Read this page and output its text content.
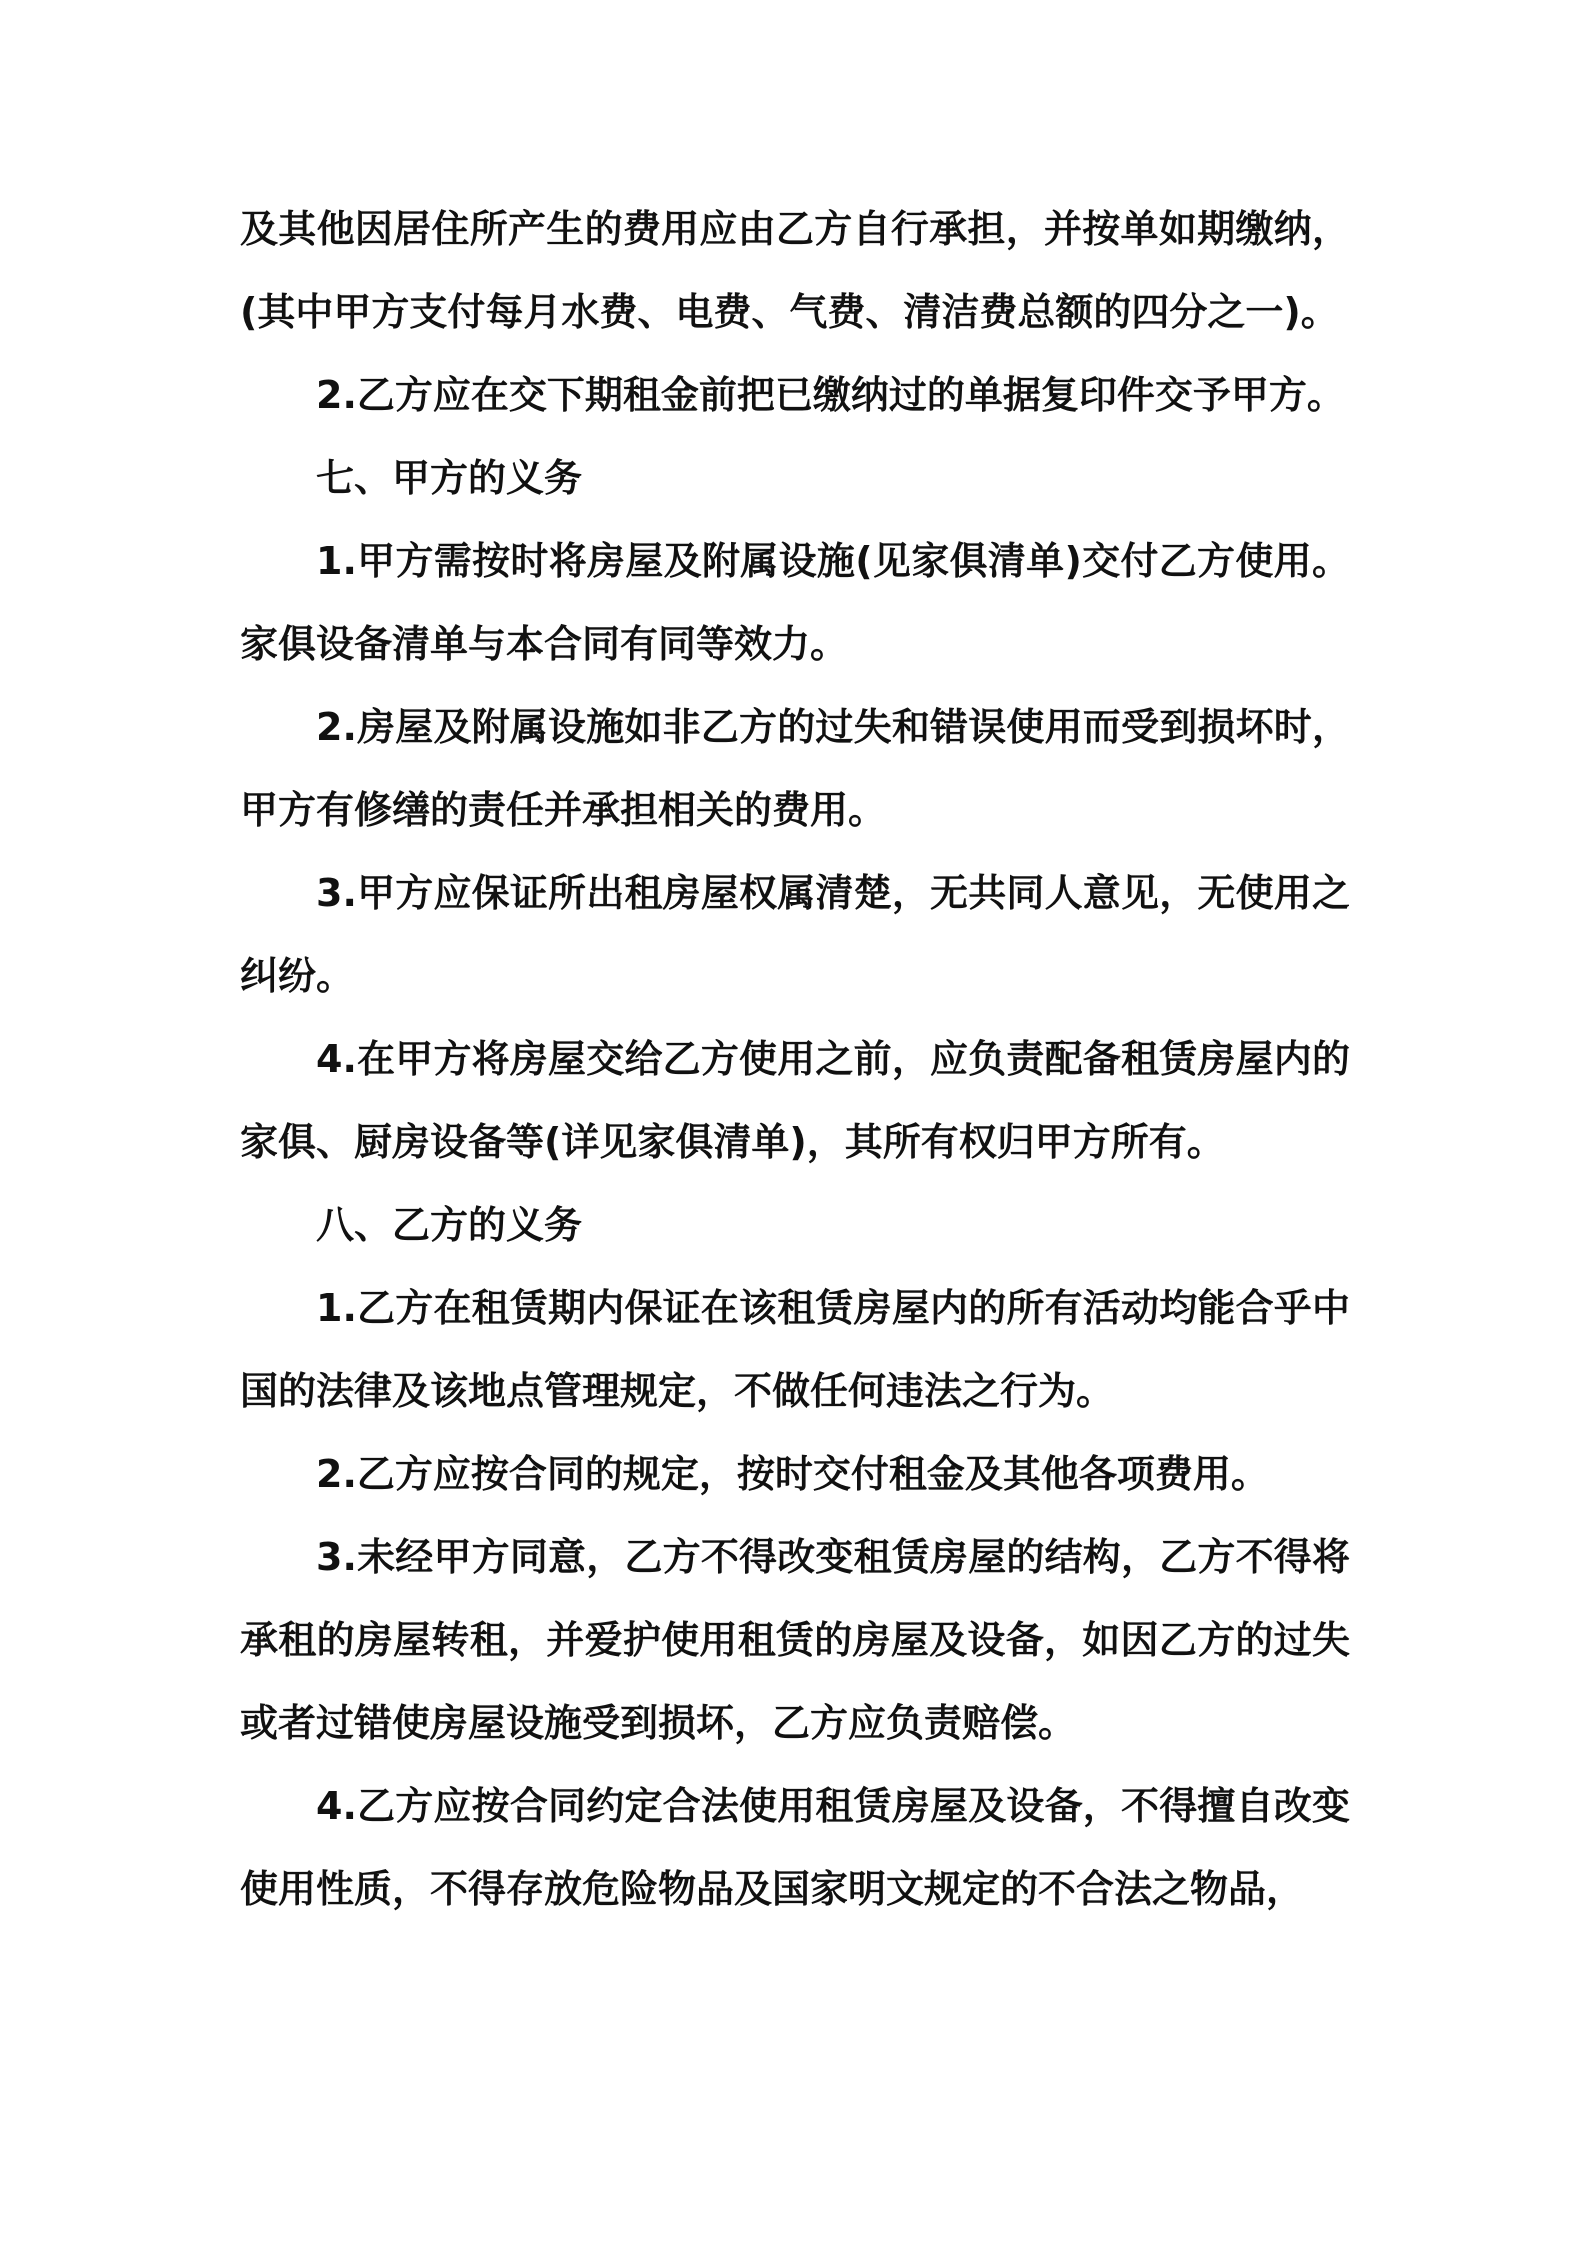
及其他因居住所产生的费用应由乙方自行承担，并按单如期缴纳，(其中甲方支付每月水费、电费、气费、清洁费总额的四分之一)。

2.乙方应在交下期租金前把已缴纳过的单据复印件交予甲方。

七、甲方的义务

1.甲方需按时将房屋及附属设施(见家俱清单)交付乙方使用。家俱设备清单与本合同有同等效力。

2.房屋及附属设施如非乙方的过失和错误使用而受到损坏时，甲方有修缮的责任并承担相关的费用。

3.甲方应保证所出租房屋权属清楚，无共同人意见，无使用之纠纷。

4.在甲方将房屋交给乙方使用之前，应负责配备租赁房屋内的家俱、厨房设备等(详见家俱清单)，其所有权归甲方所有。

八、乙方的义务

1.乙方在租赁期内保证在该租赁房屋内的所有活动均能合乎中国的法律及该地点管理规定，不做任何违法之行为。

2.乙方应按合同的规定，按时交付租金及其他各项费用。

3.未经甲方同意，乙方不得改变租赁房屋的结构，乙方不得将承租的房屋转租，并爱护使用租赁的房屋及设备，如因乙方的过失或者过错使房屋设施受到损坏，乙方应负责赔偿。

4.乙方应按合同约定合法使用租赁房屋及设备，不得擅自改变使用性质，不得存放危险物品及国家明文规定的不合法之物品，
